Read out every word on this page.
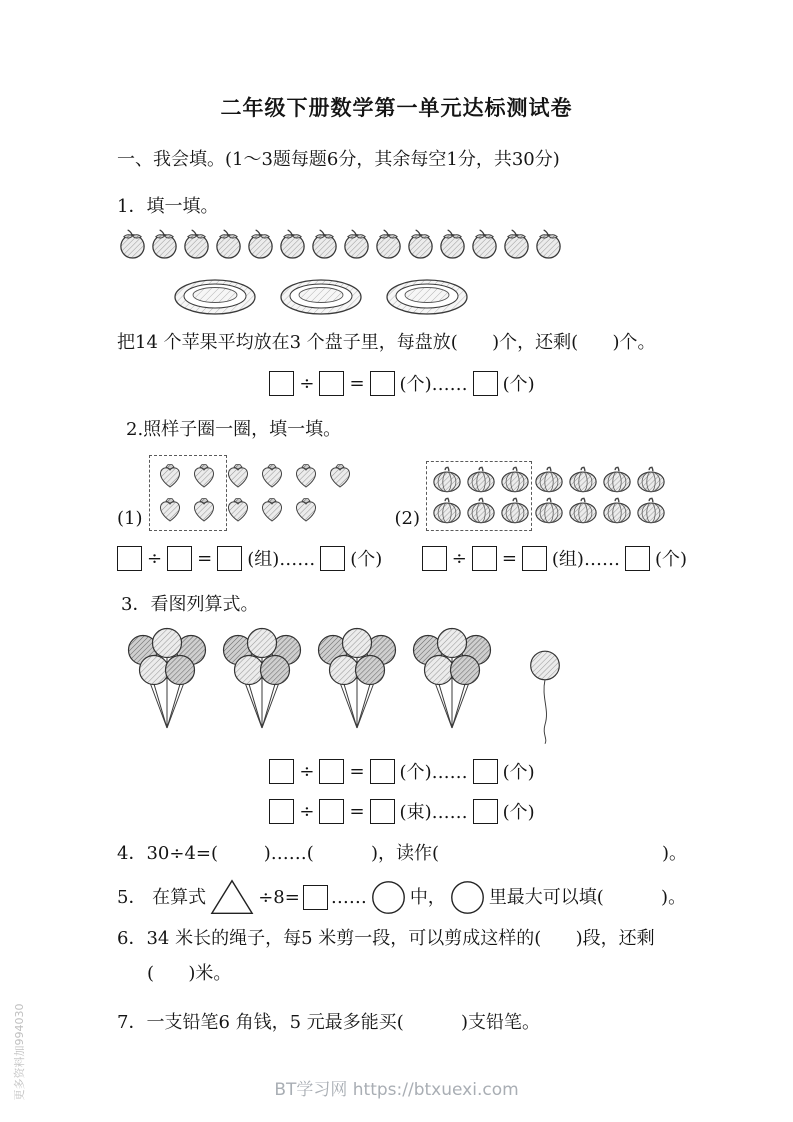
二年级下册数学第一单元达标测试卷
一、我会填。(1～3题每题6分，其余每空1分，共30分)
1．填一填。
把14 个苹果平均放在3 个盘子里，每盘放(      )个，还剩(      )个。
÷ = (个)…… (个)
2.照样子圈一圈，填一填。
(1)	(2)
÷ = (组)…… (个)	÷ = (组)…… (个)
3．看图列算式。
÷ = (个)…… (个)
÷ = (束)…… (个)
4．30÷4=(        )……(          )，读作(	)。
5． 在算式	÷8= …… 中， 里最大可以填(          )。
6．34 米长的绳子，每5 米剪一段，可以剪成这样的(      )段，还剩
(      )米。
7．一支铅笔6 角钱，5 元最多能买(          )支铅笔。
BT学习网 https://btxuexi.com
更多资料加994030
